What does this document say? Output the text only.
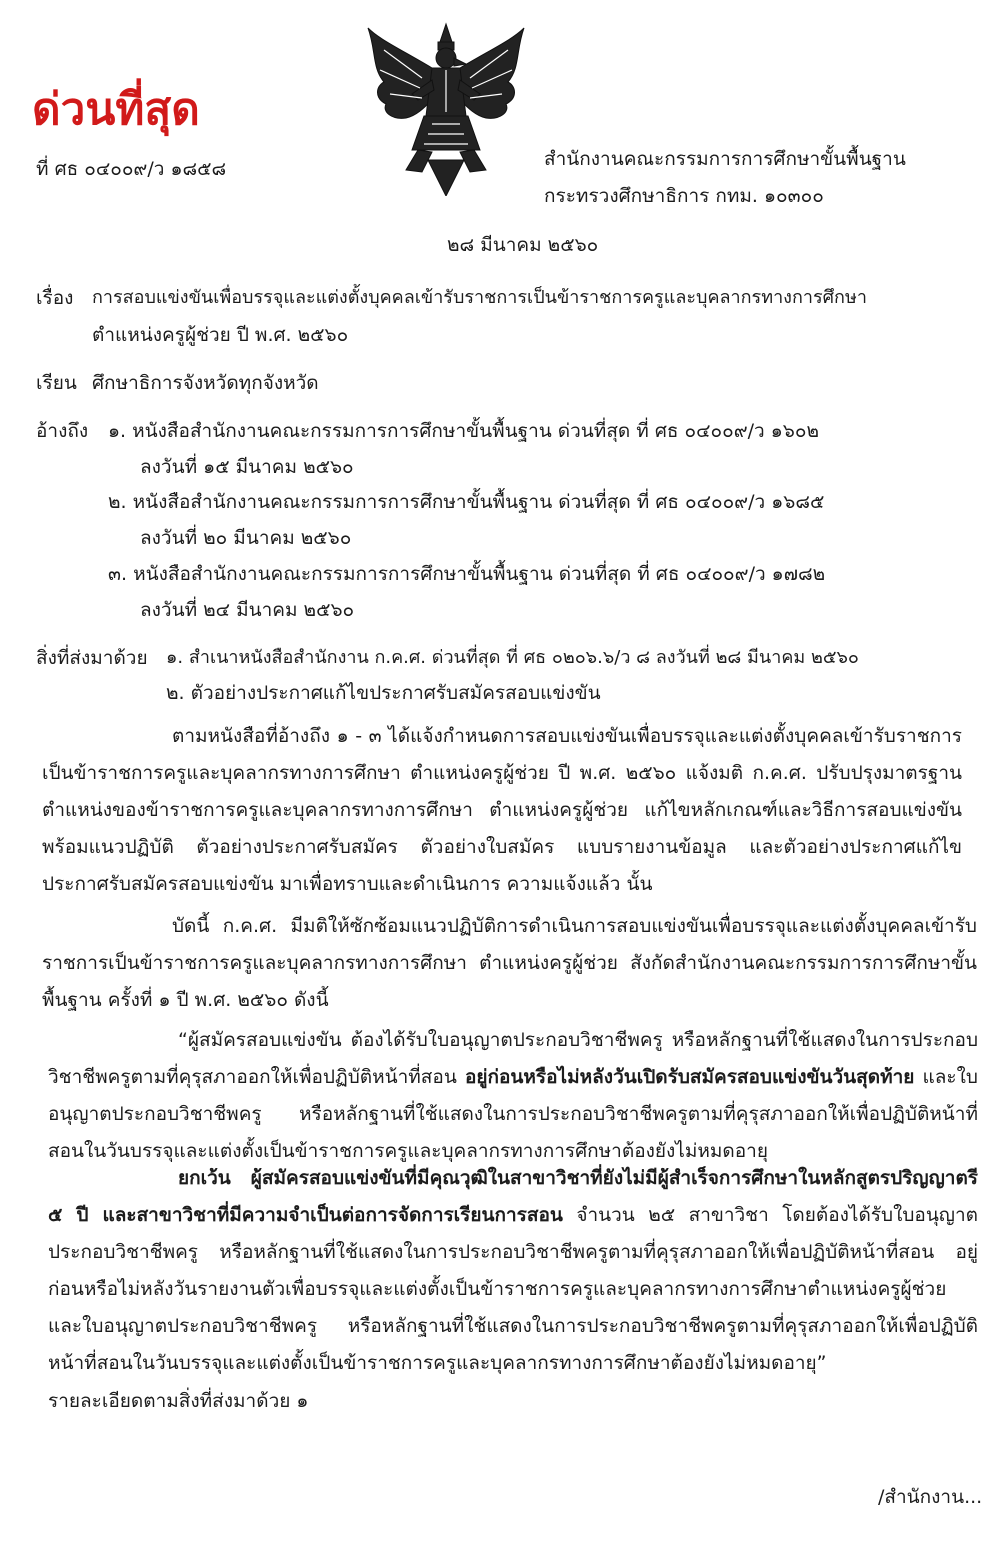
ด่วนที่สุด
ที่ ศธ ๐๔๐๐๙/ว ๑๘๕๘	สำนักงานคณะกรรมการการศึกษาขั้นพื้นฐาน
กระทรวงศึกษาธิการ กทม. ๑๐๓๐๐
๒๘ มีนาคม ๒๕๖๐
เรื่อง การสอบแข่งขันเพื่อบรรจุและแต่งตั้งบุคคลเข้ารับราชการเป็นข้าราชการครูและบุคลากรทางการศึกษา
ตำแหน่งครูผู้ช่วย ปี พ.ศ. ๒๕๖๐
เรียน ศึกษาธิการจังหวัดทุกจังหวัด
อ้างถึง ๑. หนังสือสำนักงานคณะกรรมการการศึกษาขั้นพื้นฐาน ด่วนที่สุด ที่ ศธ ๐๔๐๐๙/ว ๑๖๐๒
ลงวันที่ ๑๕ มีนาคม ๒๕๖๐
๒. หนังสือสำนักงานคณะกรรมการการศึกษาขั้นพื้นฐาน ด่วนที่สุด ที่ ศธ ๐๔๐๐๙/ว ๑๖๘๕
ลงวันที่ ๒๐ มีนาคม ๒๕๖๐
๓. หนังสือสำนักงานคณะกรรมการการศึกษาขั้นพื้นฐาน ด่วนที่สุด ที่ ศธ ๐๔๐๐๙/ว ๑๗๘๒
ลงวันที่ ๒๔ มีนาคม ๒๕๖๐
สิ่งที่ส่งมาด้วย ๑. สำเนาหนังสือสำนักงาน ก.ค.ศ. ด่วนที่สุด ที่ ศธ ๐๒๐๖.๖/ว ๘ ลงวันที่ ๒๘ มีนาคม ๒๕๖๐
๒. ตัวอย่างประกาศแก้ไขประกาศรับสมัครสอบแข่งขัน

ตามหนังสือที่อ้างถึง ๑ - ๓ ได้แจ้งกำหนดการสอบแข่งขันเพื่อบรรจุและแต่งตั้งบุคคลเข้ารับราชการเป็นข้าราชการครูและบุคลากรทางการศึกษา ตำแหน่งครูผู้ช่วย ปี พ.ศ. ๒๕๖๐ แจ้งมติ ก.ค.ศ. ปรับปรุงมาตรฐานตำแหน่งของข้าราชการครูและบุคลากรทางการศึกษา ตำแหน่งครูผู้ช่วย แก้ไขหลักเกณฑ์และวิธีการสอบแข่งขัน พร้อมแนวปฏิบัติ ตัวอย่างประกาศรับสมัคร ตัวอย่างใบสมัคร แบบรายงานข้อมูล และตัวอย่างประกาศแก้ไขประกาศรับสมัครสอบแข่งขัน มาเพื่อทราบและดำเนินการ ความแจ้งแล้ว นั้น

บัดนี้ ก.ค.ศ. มีมติให้ซักซ้อมแนวปฏิบัติการดำเนินการสอบแข่งขันเพื่อบรรจุและแต่งตั้งบุคคลเข้ารับราชการเป็นข้าราชการครูและบุคลากรทางการศึกษา ตำแหน่งครูผู้ช่วย สังกัดสำนักงานคณะกรรมการการศึกษาขั้นพื้นฐาน ครั้งที่ ๑ ปี พ.ศ. ๒๕๖๐ ดังนี้

“ผู้สมัครสอบแข่งขัน ต้องได้รับใบอนุญาตประกอบวิชาชีพครู หรือหลักฐานที่ใช้แสดงในการประกอบวิชาชีพครูตามที่คุรุสภาออกให้เพื่อปฏิบัติหน้าที่สอน อยู่ก่อนหรือไม่หลังวันเปิดรับสมัครสอบแข่งขันวันสุดท้าย และใบอนุญาตประกอบวิชาชีพครู หรือหลักฐานที่ใช้แสดงในการประกอบวิชาชีพครูตามที่คุรุสภาออกให้เพื่อปฏิบัติหน้าที่สอนในวันบรรจุและแต่งตั้งเป็นข้าราชการครูและบุคลากรทางการศึกษาต้องยังไม่หมดอายุ

ยกเว้น ผู้สมัครสอบแข่งขันที่มีคุณวุฒิในสาขาวิชาที่ยังไม่มีผู้สำเร็จการศึกษาในหลักสูตรปริญญาตรี ๕ ปี และสาขาวิชาที่มีความจำเป็นต่อการจัดการเรียนการสอน จำนวน ๒๕ สาขาวิชา โดยต้องได้รับใบอนุญาตประกอบวิชาชีพครู หรือหลักฐานที่ใช้แสดงในการประกอบวิชาชีพครูตามที่คุรุสภาออกให้เพื่อปฏิบัติหน้าที่สอน อยู่ก่อนหรือไม่หลังวันรายงานตัวเพื่อบรรจุและแต่งตั้งเป็นข้าราชการครูและบุคลากรทางการศึกษาตำแหน่งครูผู้ช่วย และใบอนุญาตประกอบวิชาชีพครู หรือหลักฐานที่ใช้แสดงในการประกอบวิชาชีพครูตามที่คุรุสภาออกให้เพื่อปฏิบัติหน้าที่สอนในวันบรรจุและแต่งตั้งเป็นข้าราชการครูและบุคลากรทางการศึกษาต้องยังไม่หมดอายุ”

รายละเอียดตามสิ่งที่ส่งมาด้วย ๑
/สำนักงาน...
